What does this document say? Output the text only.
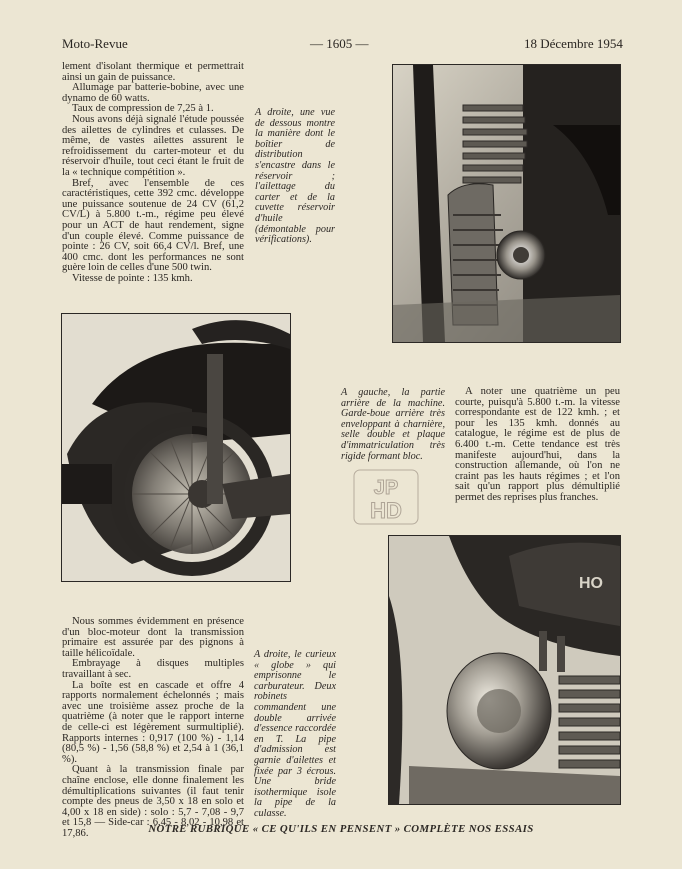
Moto-Revue	— 1605 —	18 Décembre 1954

lement d'isolant thermique et permettrait ainsi un gain de puissance.

Allumage par batterie-bobine, avec une dynamo de 60 watts.

Taux de compression de 7,25 à 1.

Nous avons déjà signalé l'étude poussée des ailettes de cylindres et culasses. De même, de vastes ailettes assurent le refroidissement du carter-moteur et du réservoir d'huile, tout ceci étant le fruit de la « technique compétition ».

Bref, avec l'ensemble de ces caractéristiques, cette 392 cmc. développe une puissance soutenue de 24 CV (61,2 CV/L) à 5.800 t.-m., régime peu élevé pour un ACT de haut rendement, signe d'un couple élevé. Comme puissance de pointe : 26 CV, soit 66,4 CV/l. Bref, une 400 cmc. dont les performances ne sont guère loin de celles d'une 500 twin.

Vitesse de pointe : 135 kmh.

A droite, une vue de dessous montre la manière dont le boîtier de distribution s'encastre dans le réservoir ; l'ailettage du carter et de la cuvette réservoir d'huile (démontable pour vérifications).

A gauche, la partie arrière de la machine. Garde-boue arrière très enveloppant à charnière, selle double et plaque d'immatriculation très rigide formant bloc.

A noter une quatrième un peu courte, puisqu'à 5.800 t.-m. la vitesse correspondante est de 122 kmh. ; et pour les 135 kmh. donnés au catalogue, le régime est de plus de 6.400 t.-m. Cette tendance est très manifeste aujourd'hui, dans la construction allemande, où l'on ne craint pas les hauts régimes ; et l'on sait qu'un rapport plus démultiplié permet des reprises plus franches.

JP
HD

Nous sommes évidemment en présence d'un bloc-moteur dont la transmission primaire est assurée par des pignons à taille hélicoïdale.

Embrayage à disques multiples travaillant à sec.

La boîte est en cascade et offre 4 rapports normalement échelonnés ; mais avec une troisième assez proche de la quatrième (à noter que le rapport interne de celle-ci est légèrement surmultiplié). Rapports internes : 0,917 (100 %) - 1,14 (80,5 %) - 1,56 (58,8 %) et 2,54 à 1 (36,1 %).

Quant à la transmission finale par chaîne enclose, elle donne finalement les démultiplications suivantes (il faut tenir compte des pneus de 3,50 x 18 en solo et 4,00 x 18 en side) : solo : 5,7 - 7,08 - 9,7 et 15,8 — Side-car : 6,45 - 8,02 - 10,98 et 17,86.

A droite, le curieux « globe » qui emprisonne le carburateur. Deux robinets commandent une double arrivée d'essence raccordée en T. La pipe d'admission est garnie d'ailettes et fixée par 3 écrous. Une bride isothermique isole la pipe de la culasse.

HO
NOTRE RUBRIQUE « CE QU'ILS EN PENSENT » COMPLÈTE NOS ESSAIS
